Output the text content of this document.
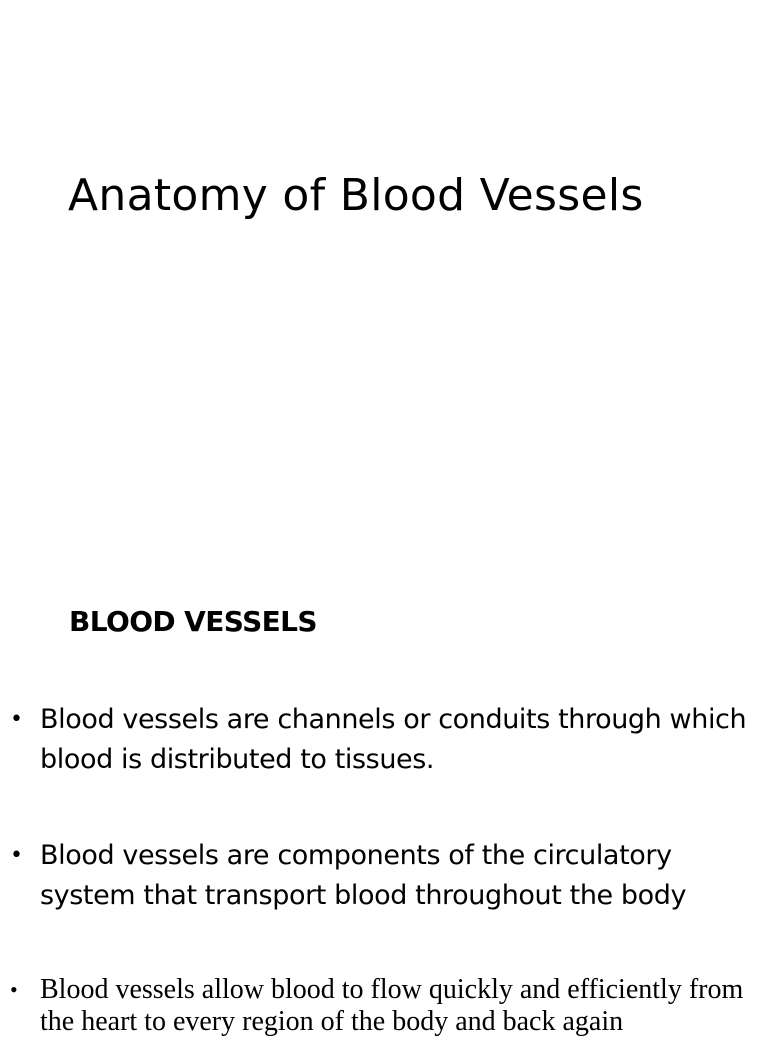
Anatomy of Blood Vessels
BLOOD VESSELS
• Blood vessels are channels or conduits through which blood is distributed to tissues.
• Blood vessels are components of the circulatory system that transport blood throughout the body
• Blood vessels allow blood to flow quickly and efficiently from the heart to every region of the body and back again
